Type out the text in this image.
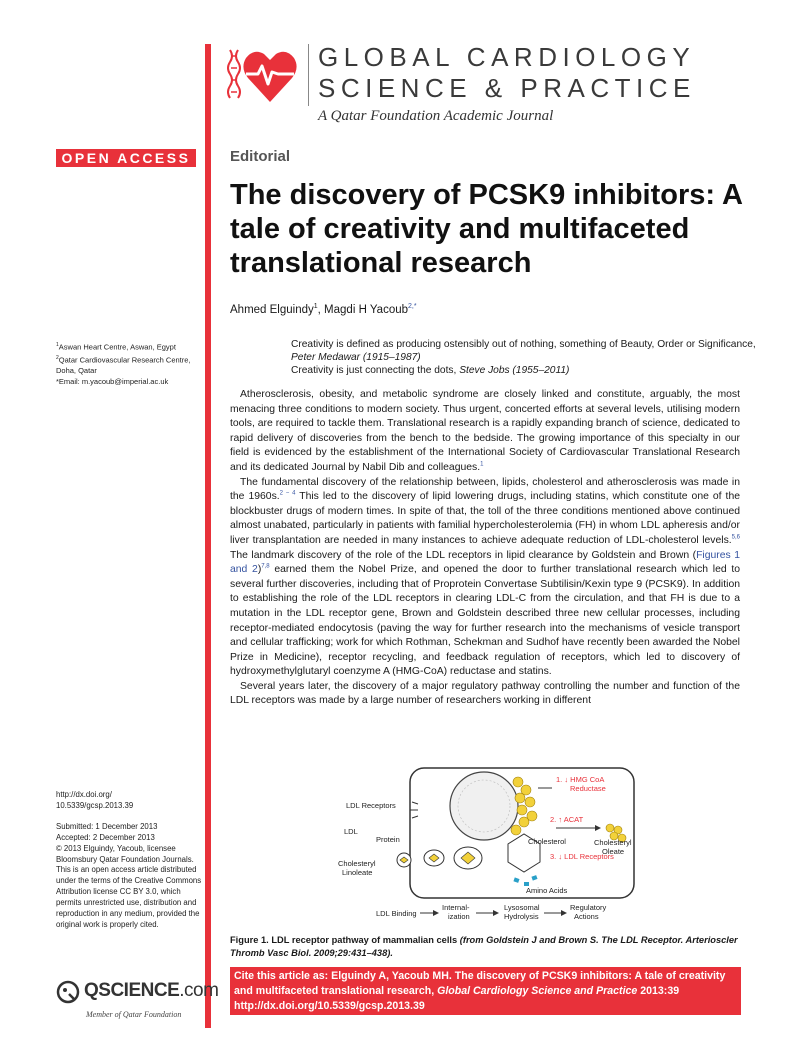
GLOBAL CARDIOLOGY
SCIENCE & PRACTICE
A Qatar Foundation Academic Journal
OPEN ACCESS	Editorial
The discovery of PCSK9 inhibitors: A tale of creativity and multifaceted translational research
Ahmed Elguindy$^1$, Magdi H Yacoub$^{2,*}$
$^1$Aswan Heart Centre, Aswan, Egypt
$^2$Qatar Cardiovascular Research Centre, Doha, Qatar
*Email: m.yacoub@imperial.ac.uk
Creativity is defined as producing ostensibly out of nothing, something of Beauty, Order or Significance, Peter Medawar (1915–1987)
Creativity is just connecting the dots, Steve Jobs (1955–2011)

Atherosclerosis, obesity, and metabolic syndrome are closely linked and constitute, arguably, the most menacing three conditions to modern society. Thus urgent, concerted efforts at several levels, utilising modern tools, are required to tackle them. Translational research is a rapidly expanding branch of science, dedicated to rapid delivery of discoveries from the bench to the bedside. The growing importance of this specialty in our field is evidenced by the establishment of the International Society of Cardiovascular Translational Research and its dedicated Journal by Nabil Dib and colleagues.$^1$

The fundamental discovery of the relationship between, lipids, cholesterol and atherosclerosis was made in the 1960s.$^{2 - 4}$ This led to the discovery of lipid lowering drugs, including statins, which constitute one of the blockbuster drugs of modern times. In spite of that, the toll of the three conditions mentioned above continued almost unabated, particularly in patients with familial hypercholesterolemia (FH) in whom LDL apheresis and/or liver transplantation are needed in many instances to achieve adequate reduction of LDL-cholesterol levels.$^{5,6}$ The landmark discovery of the role of the LDL receptors in lipid clearance by Goldstein and Brown (Figures 1 and 2)$^{7,8}$ earned them the Nobel Prize, and opened the door to further translational research which led to several further discoveries, including that of Proprotein Convertase Subtilisin/Kexin type 9 (PCSK9). In addition to establishing the role of the LDL receptors in clearing LDL-C from the circulation, and that FH is due to a mutation in the LDL receptor gene, Brown and Goldstein described three new cellular processes, including receptor-mediated endocytosis (paving the way for further research into the mechanisms of vesicle transport and cellular trafficking; work for which Rothman, Schekman and Sudhof have recently been awarded the Nobel Prize in Medicine), receptor recycling, and feedback regulation of receptors, which led to discovery of hydroxymethylglutaryl coenzyme A (HMG-CoA) reductase and statins.

Several years later, the discovery of a major regulatory pathway controlling the number and function of the LDL receptors was made by a large number of researchers working in different

1. ↓ HMG CoA
Reductase
LDL Receptors
LDL
Protein
Cholesteryl
Linoleate
2. ↑ ACAT
Cholesterol	Cholesteryl
Oleate
3. ↓ LDL Receptors
Amino Acids
LDL Binding
Internal-
ization
Lysosomal
Hydrolysis
Regulatory
Actions
Figure 1. LDL receptor pathway of mammalian cells (from Goldstein J and Brown S. The LDL Receptor. Arterioscler Thromb Vasc Biol. 2009;29:431–438).
Cite this article as: Elguindy A, Yacoub MH. The discovery of PCSK9 inhibitors: A tale of creativity and multifaceted translational research, Global Cardiology Science and Practice 2013:39
http://dx.doi.org/10.5339/gcsp.2013.39
http://dx.doi.org/
10.5339/gcsp.2013.39
Submitted: 1 December 2013
Accepted: 2 December 2013
© 2013 Elguindy, Yacoub, licensee Bloomsbury Qatar Foundation Journals. This is an open access article distributed under the terms of the Creative Commons Attribution license CC BY 3.0, which permits unrestricted use, distribution and reproduction in any medium, provided the original work is properly cited.
QSCIENCE.com
Member of Qatar Foundation
